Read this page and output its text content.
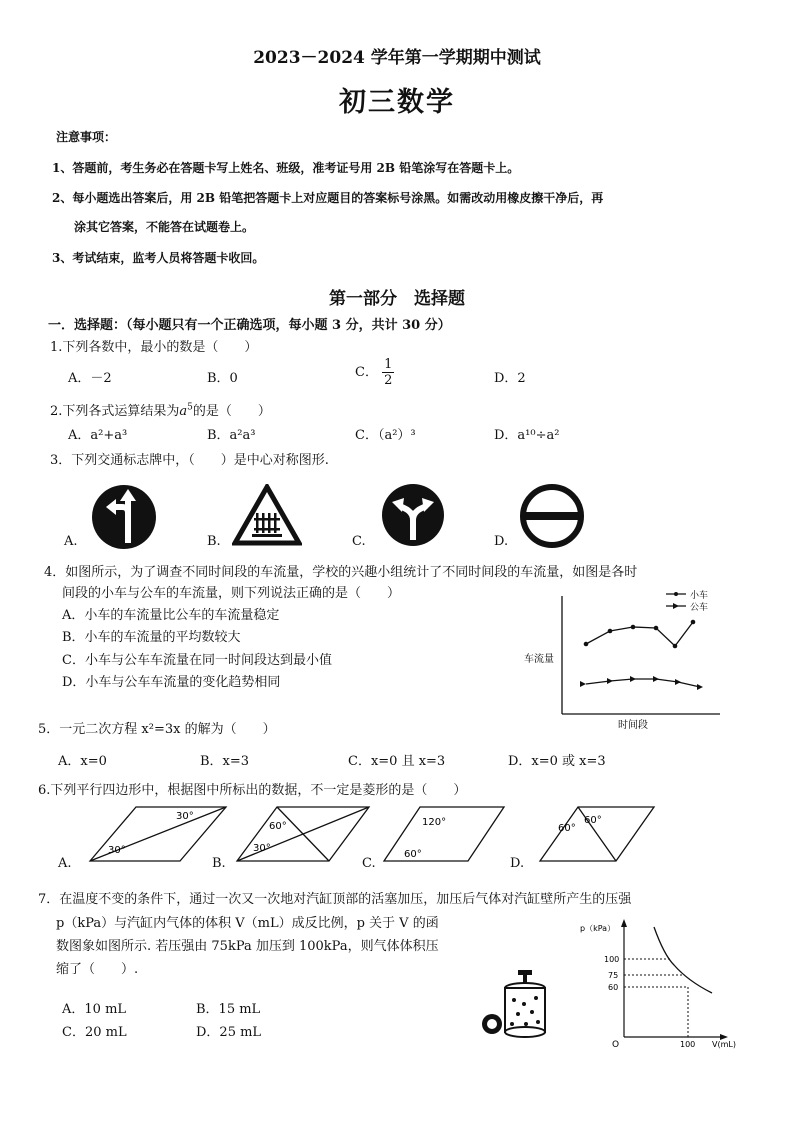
2023－2024 学年第一学期期中测试
初三数学
注意事项：
1、答题前，考生务必在答题卡写上姓名、班级，准考证号用 2B 铅笔涂写在答题卡上。
2、每小题选出答案后，用 2B 铅笔把答题卡上对应题目的答案标号涂黑。如需改动用橡皮擦干净后，再
涂其它答案，不能答在试题卷上。
3、考试结束，监考人员将答题卡收回。
第一部分　选择题
一．选择题：（每小题只有一个正确选项，每小题 3 分，共计 30 分）
1.下列各数中，最小的数是（　　）
A．－2	B．0	C． $\frac{1}{2}$	D．2
2.下列各式运算结果为$a^5$的是（　　）
A．a²+a³	B．a²a³	C．（a²）³	D．a¹⁰÷a²
3．下列交通标志牌中，（　　）是中心对称图形.
A.	B.	C.	D.
4．如图所示，为了调查不同时间段的车流量，学校的兴趣小组统计了不同时间段的车流量，如图是各时
间段的小车与公车的车流量，则下列说法正确的是（　　）
A．小车的车流量比公车的车流量稳定
B．小车的车流量的平均数较大
C．小车与公车车流量在同一时间段达到最小值
D．小车与公车车流量的变化趋势相同
小车
公车
车流量
时间段
5．一元二次方程 x²=3x 的解为（　　）
A．x=0	B．x=3	C．x=0 且 x=3	D．x=0 或 x=3
6.下列平行四边形中，根据图中所标出的数据，不一定是菱形的是（　　）
A.	B.	C.	D.
30°
30°
60°
30°
120°
60°
60°
60°
7．在温度不变的条件下，通过一次又一次地对汽缸顶部的活塞加压，加压后气体对汽缸壁所产生的压强
p（kPa）与汽缸内气体的体积 V（mL）成反比例，p 关于 V 的函
数图象如图所示. 若压强由 75kPa 加压到 100kPa，则气体体积压
缩了（　　）.
A．10 mL	B．15 mL
C．20 mL	D．25 mL
p（kPa）
100
75
60
100 V(mL)
O
